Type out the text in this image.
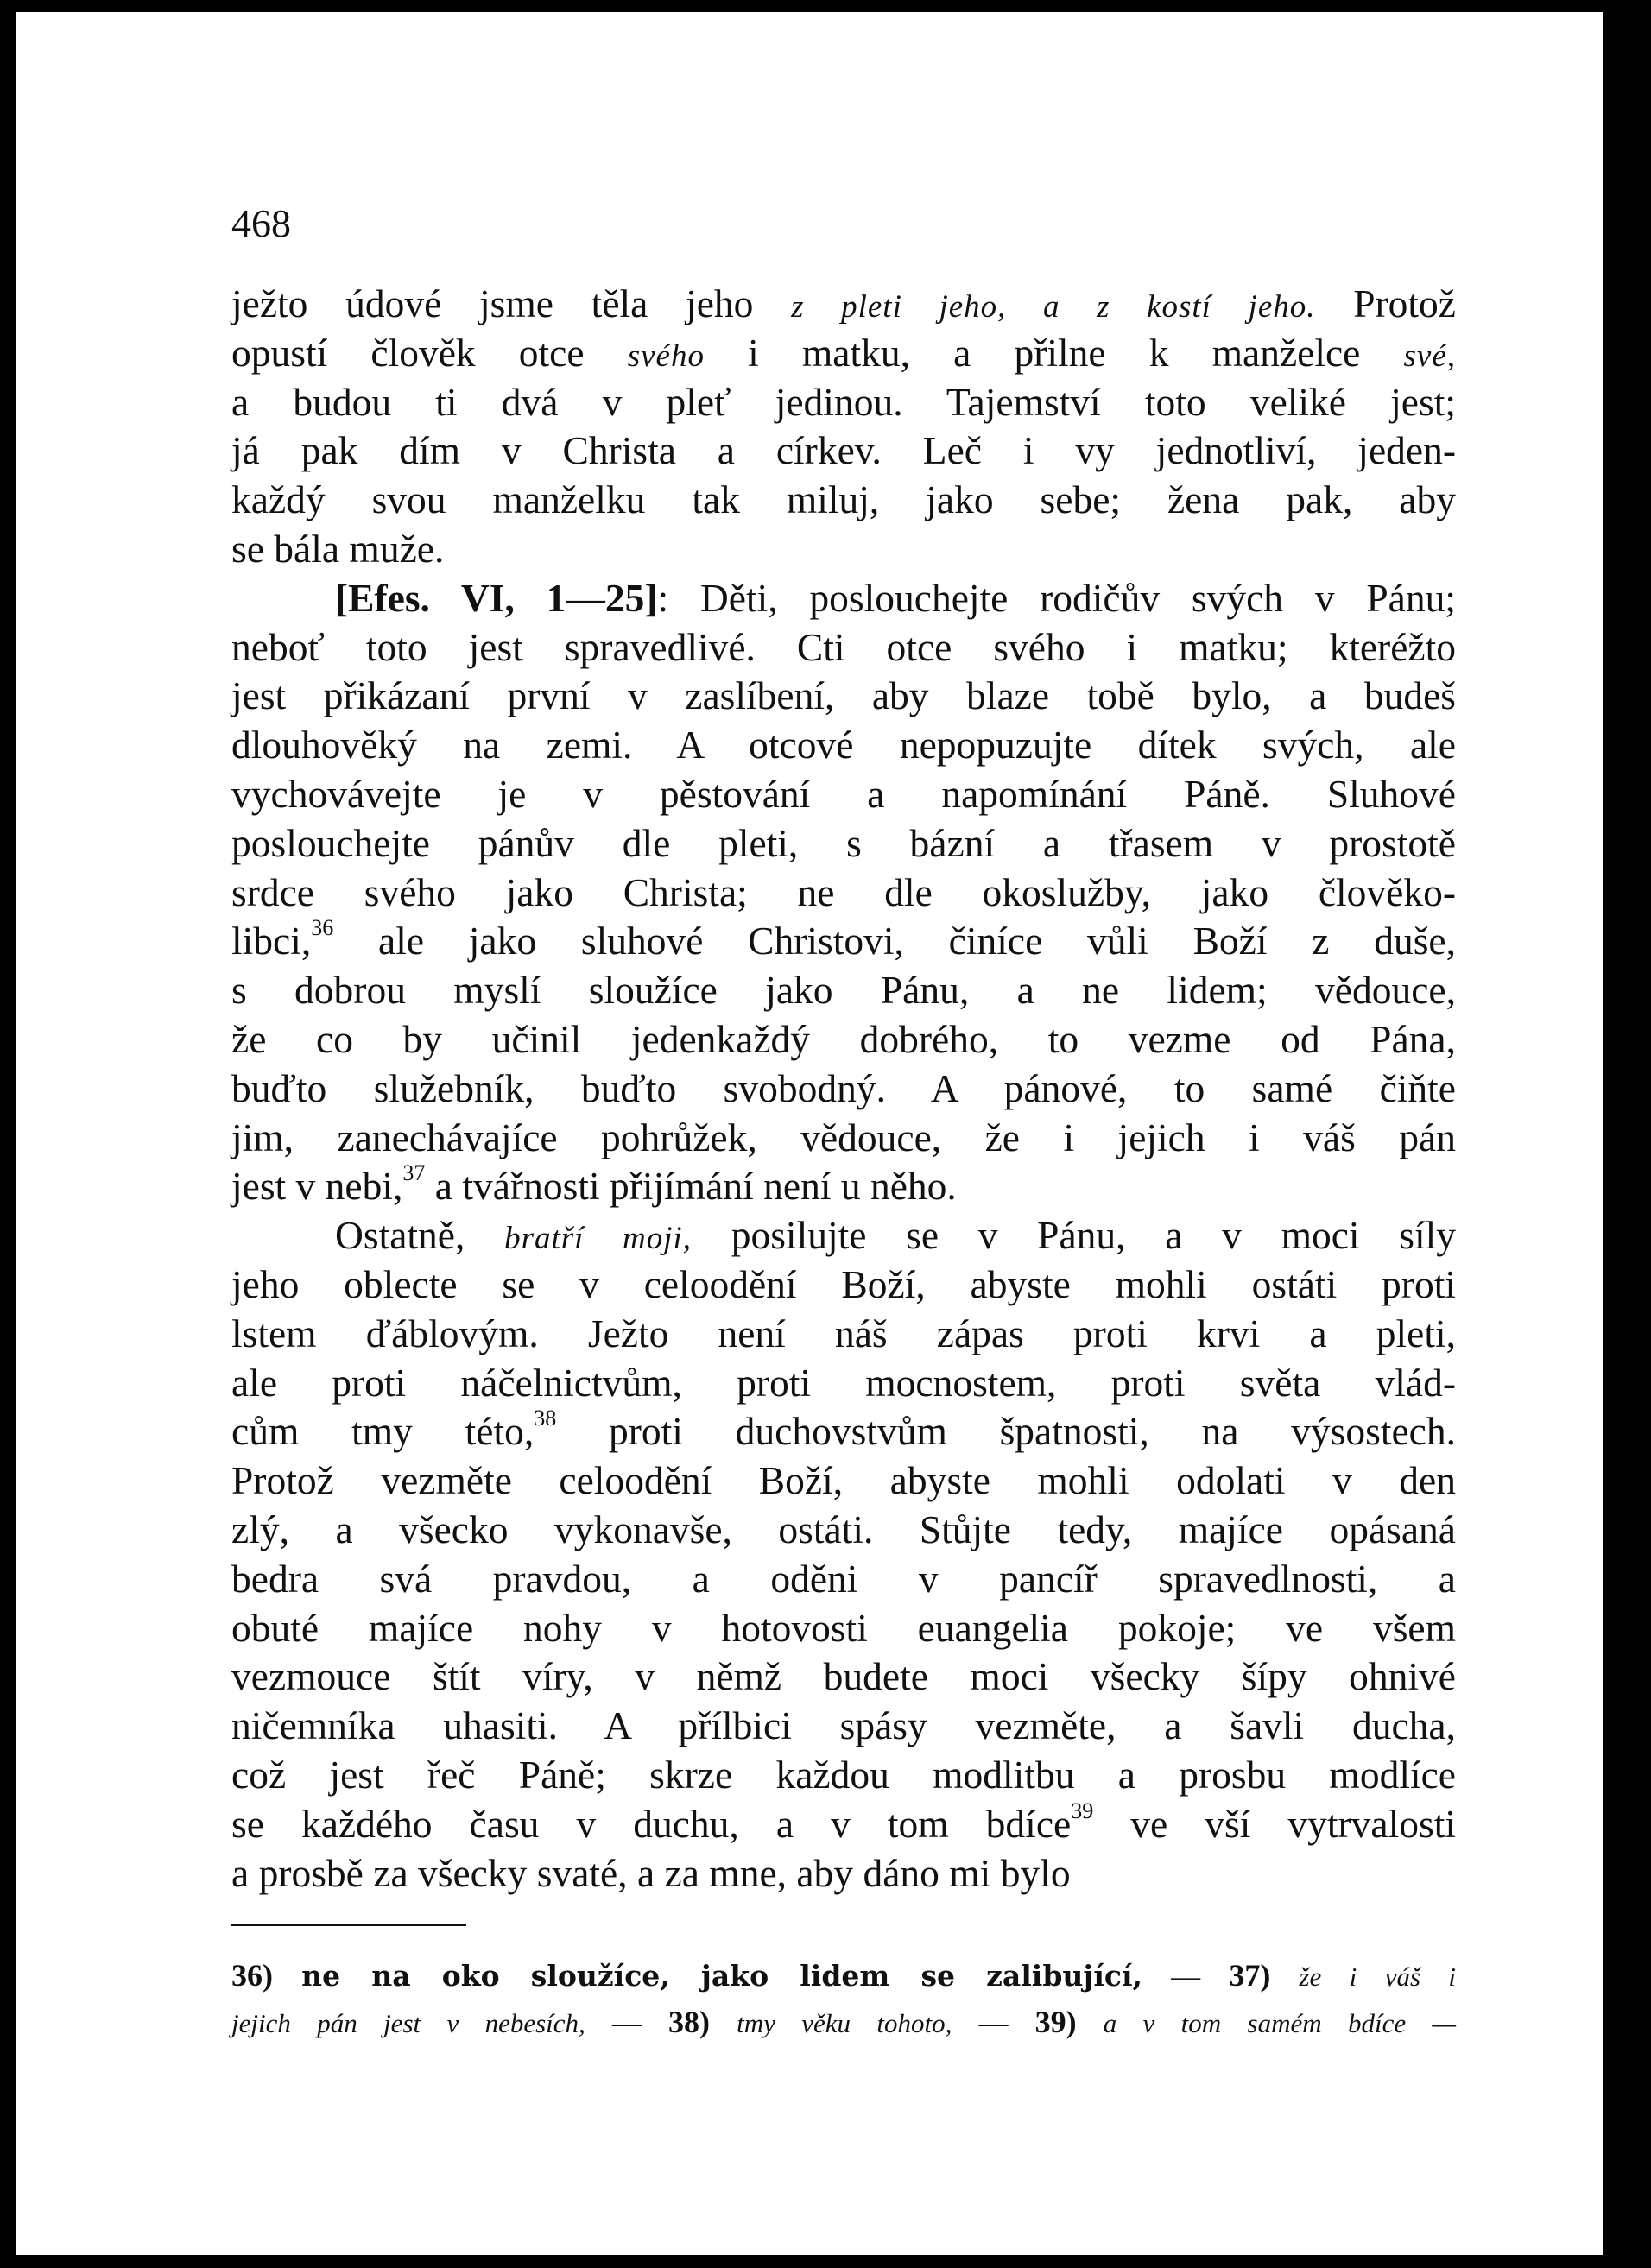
468
ježto údové jsme těla jeho z pleti jeho, a z kostí jeho. Protož
opustí člověk otce svého i matku, a přilne k manželce své,
a budou ti dvá v pleť jedinou. Tajemství toto veliké jest;
já pak dím v Christa a církev. Leč i vy jednotliví, jeden-
každý svou manželku tak miluj, jako sebe; žena pak, aby
se bála muže.
[Efes. VI, 1—25]: Děti, poslouchejte rodičův svých v Pánu;
neboť toto jest spravedlivé. Cti otce svého i matku; kteréžto
jest přikázaní první v zaslíbení, aby blaze tobě bylo, a budeš
dlouhověký na zemi. A otcové nepopuzujte dítek svých, ale
vychovávejte je v pěstování a napomínání Páně. Sluhové
poslouchejte pánův dle pleti, s bázní a třasem v prostotě
srdce svého jako Christa; ne dle okoslužby, jako člověko-
libci,$^{36}$ ale jako sluhové Christovi, činíce vůli Boží z duše,
s dobrou myslí sloužíce jako Pánu, a ne lidem; vědouce,
že co by učinil jedenkaždý dobrého, to vezme od Pána,
buďto služebník, buďto svobodný. A pánové, to samé čiňte
jim, zanechávajíce pohrůžek, vědouce, že i jejich i váš pán
jest v nebi,$^{37}$ a tvářnosti přijímání není u něho.
Ostatně, bratří moji, posilujte se v Pánu, a v moci síly
jeho oblecte se v celoodění Boží, abyste mohli ostáti proti
lstem ďáblovým. Ježto není náš zápas proti krvi a pleti,
ale proti náčelnictvům, proti mocnostem, proti světa vlád-
cům tmy této,$^{38}$ proti duchovstvům špatnosti, na výsostech.
Protož vezměte celoodění Boží, abyste mohli odolati v den
zlý, a všecko vykonavše, ostáti. Stůjte tedy, majíce opásaná
bedra svá pravdou, a oděni v pancíř spravedlnosti, a
obuté majíce nohy v hotovosti euangelia pokoje; ve všem
vezmouce štít víry, v němž budete moci všecky šípy ohnivé
ničemníka uhasiti. A přílbici spásy vezměte, a šavli ducha,
což jest řeč Páně; skrze každou modlitbu a prosbu modlíce
se každého času v duchu, a v tom bdíce$^{39}$ ve vší vytrvalosti
a prosbě za všecky svaté, a za mne, aby dáno mi bylo
36) ne na oko sloužíce, jako lidem se zalibující, — 37) že i váš i
jejich pán jest v nebesích, — 38) tmy věku tohoto, — 39) a v tom samém bdíce —
